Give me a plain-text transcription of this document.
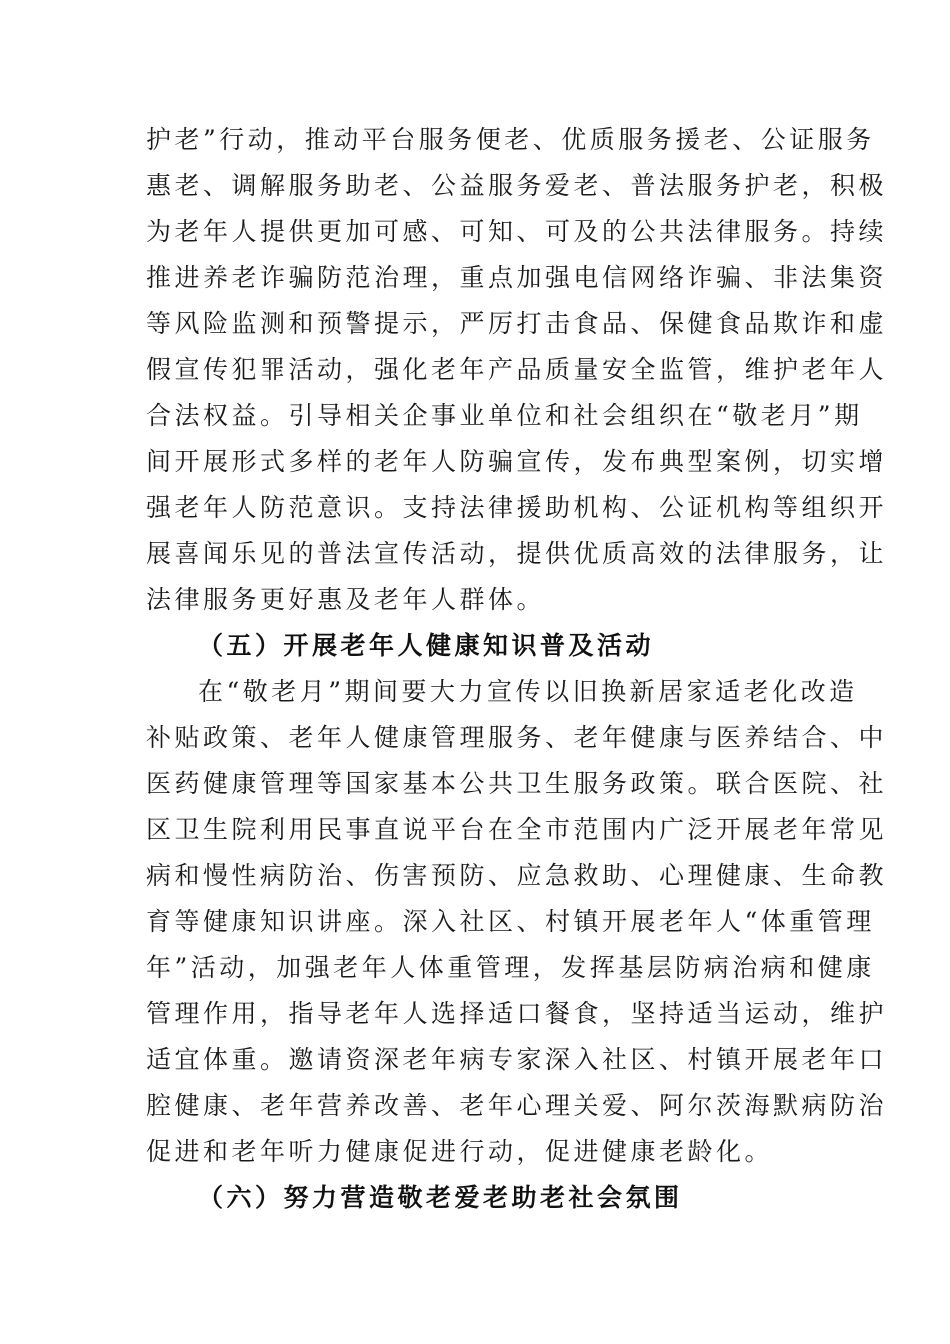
护老”行动，推动平台服务便老、优质服务援老、公证服务
惠老、调解服务助老、公益服务爱老、普法服务护老，积极
为老年人提供更加可感、可知、可及的公共法律服务。持续
推进养老诈骗防范治理，重点加强电信网络诈骗、非法集资
等风险监测和预警提示，严厉打击食品、保健食品欺诈和虚
假宣传犯罪活动，强化老年产品质量安全监管，维护老年人
合法权益。引导相关企事业单位和社会组织在“敬老月”期
间开展形式多样的老年人防骗宣传，发布典型案例，切实增
强老年人防范意识。支持法律援助机构、公证机构等组织开
展喜闻乐见的普法宣传活动，提供优质高效的法律服务，让
法律服务更好惠及老年人群体。
（五）开展老年人健康知识普及活动
在“敬老月”期间要大力宣传以旧换新居家适老化改造
补贴政策、老年人健康管理服务、老年健康与医养结合、中
医药健康管理等国家基本公共卫生服务政策。联合医院、社
区卫生院利用民事直说平台在全市范围内广泛开展老年常见
病和慢性病防治、伤害预防、应急救助、心理健康、生命教
育等健康知识讲座。深入社区、村镇开展老年人“体重管理
年”活动，加强老年人体重管理，发挥基层防病治病和健康
管理作用，指导老年人选择适口餐食，坚持适当运动，维护
适宜体重。邀请资深老年病专家深入社区、村镇开展老年口
腔健康、老年营养改善、老年心理关爱、阿尔茨海默病防治
促进和老年听力健康促进行动，促进健康老龄化。
（六）努力营造敬老爱老助老社会氛围
